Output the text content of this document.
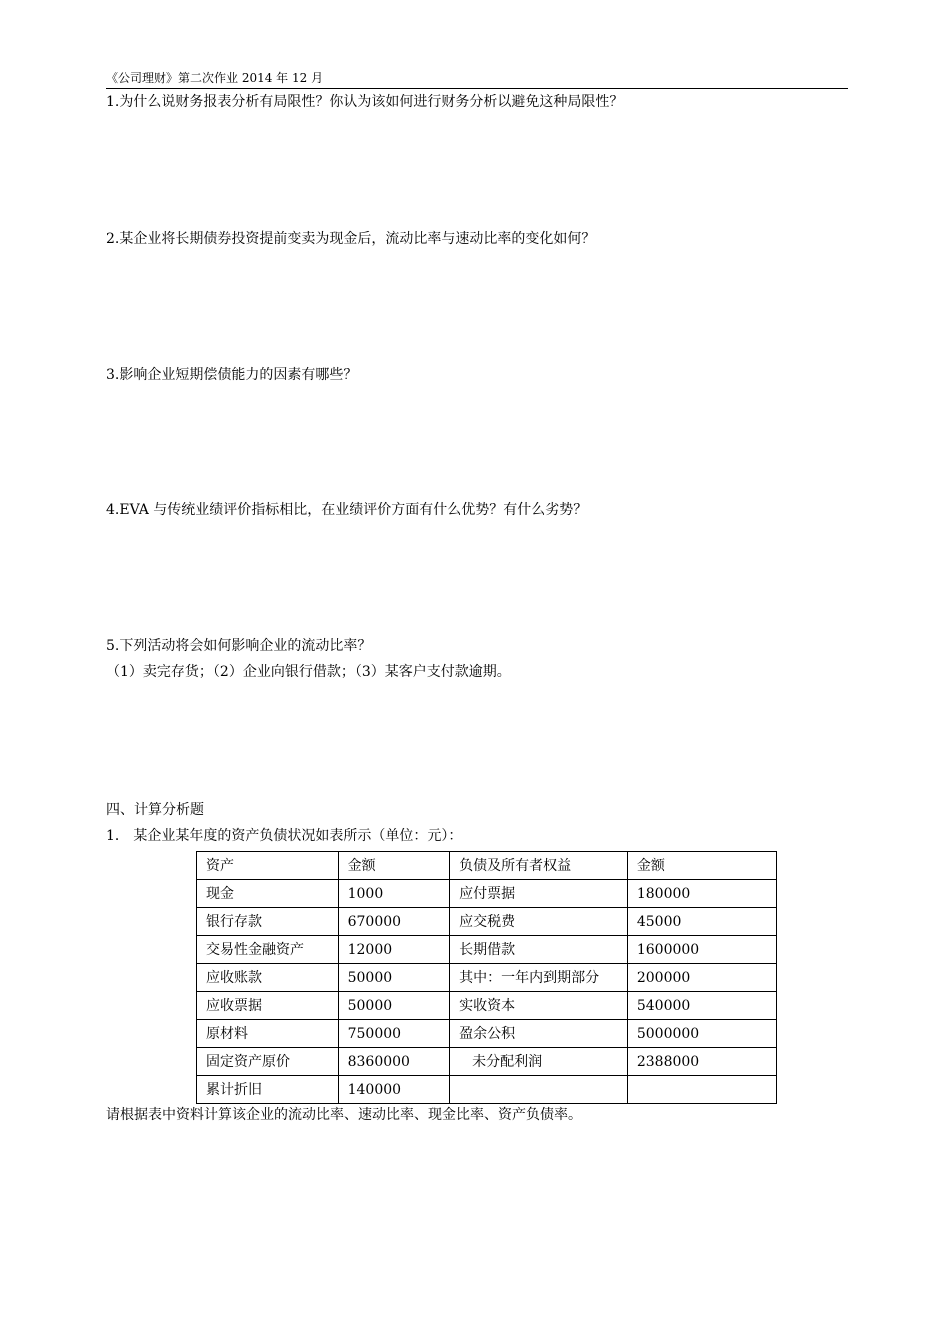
《公司理财》第二次作业 2014 年 12 月
1.为什么说财务报表分析有局限性？你认为该如何进行财务分析以避免这种局限性？
2.某企业将长期债券投资提前变卖为现金后，流动比率与速动比率的变化如何？
3.影响企业短期偿债能力的因素有哪些？
4.EVA 与传统业绩评价指标相比，在业绩评价方面有什么优势？有什么劣势？
5.下列活动将会如何影响企业的流动比率？
（1）卖完存货；（2）企业向银行借款；（3）某客户支付款逾期。
四、计算分析题
1． 某企业某年度的资产负债状况如表所示（单位：元）：
资产	金额	负债及所有者权益	金额
现金	1000	应付票据	180000
银行存款	670000	应交税费	45000
交易性金融资产	12000	长期借款	1600000
应收账款	50000	其中：一年内到期部分	200000
应收票据	50000	实收资本	540000
原材料	750000	盈余公积	5000000
固定资产原价	8360000	未分配利润	2388000
累计折旧	140000		
请根据表中资料计算该企业的流动比率、速动比率、现金比率、资产负债率。
